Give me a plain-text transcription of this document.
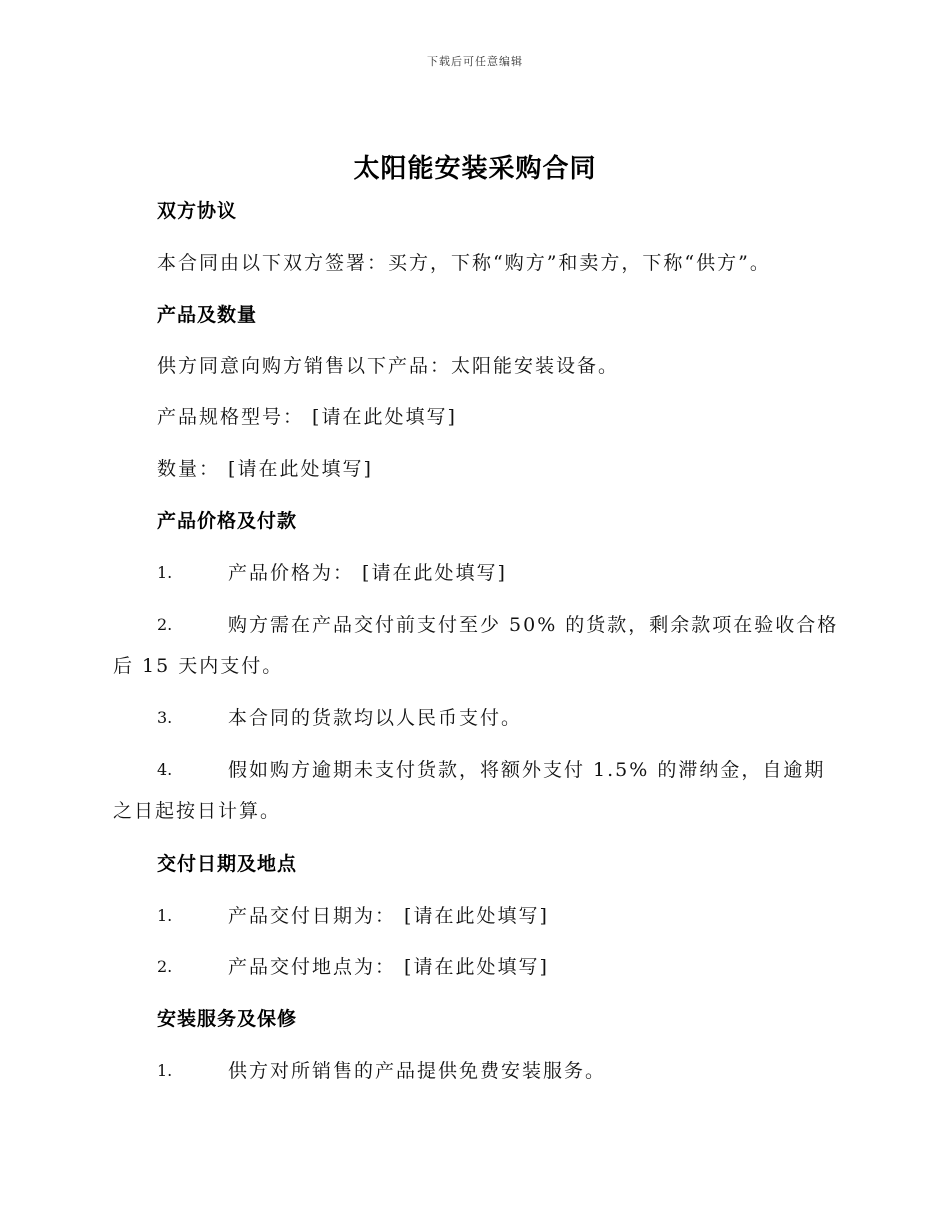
下载后可任意编辑
太阳能安装采购合同
双方协议
本合同由以下双方签署：买方，下称“购方”和卖方，下称“供方”。
产品及数量
供方同意向购方销售以下产品：太阳能安装设备。
产品规格型号： [请在此处填写]
数量： [请在此处填写]
产品价格及付款
1.	产品价格为： [请在此处填写]
2.	购方需在产品交付前支付至少 50% 的货款，剩余款项在验收合格
后 15 天内支付。
3.	本合同的货款均以人民币支付。
4.	假如购方逾期未支付货款，将额外支付 1.5% 的滞纳金，自逾期
之日起按日计算。
交付日期及地点
1.	产品交付日期为： [请在此处填写]
2.	产品交付地点为： [请在此处填写]
安装服务及保修
1.	供方对所销售的产品提供免费安装服务。
